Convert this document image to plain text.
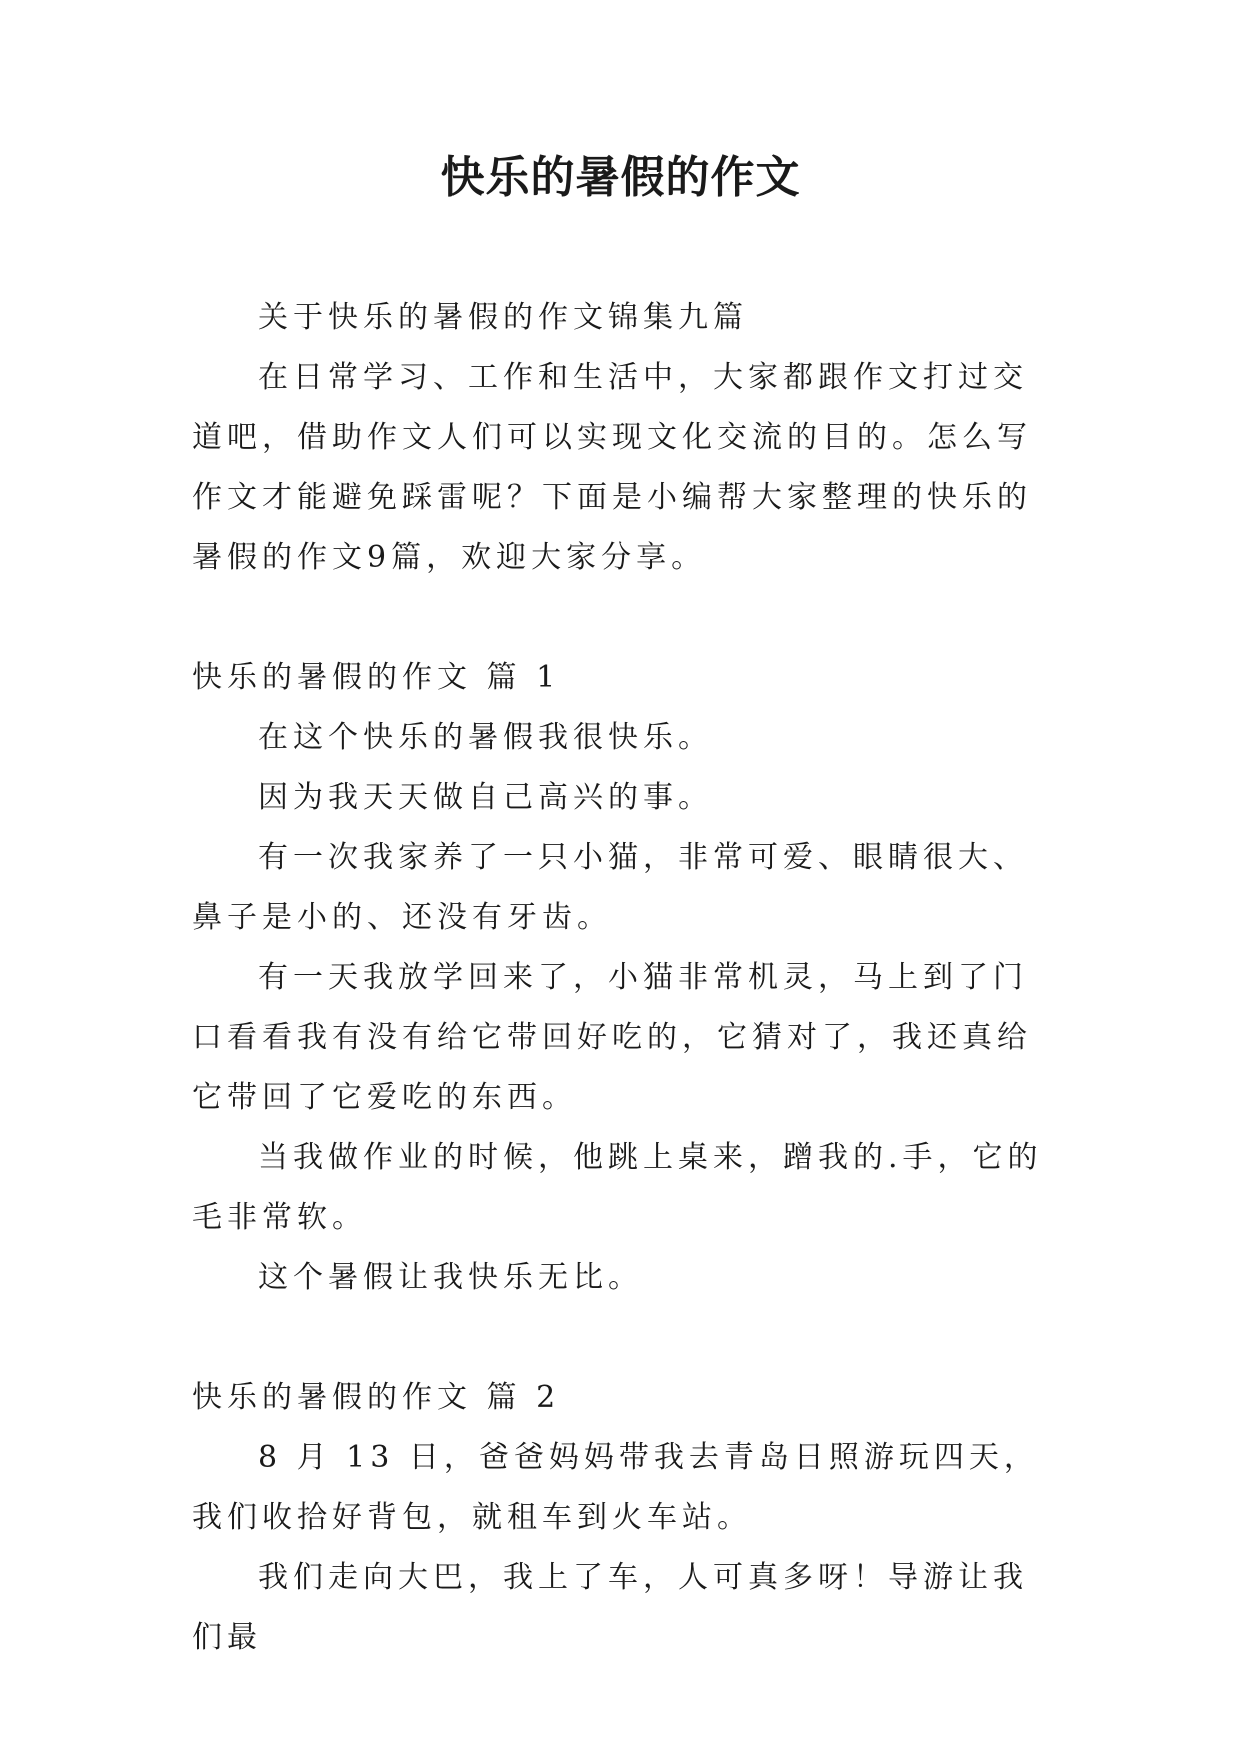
快乐的暑假的作文

关于快乐的暑假的作文锦集九篇

在日常学习、工作和生活中，大家都跟作文打过交道吧，借助作文人们可以实现文化交流的目的。怎么写作文才能避免踩雷呢？下面是小编帮大家整理的快乐的暑假的作文9篇，欢迎大家分享。

快乐的暑假的作文 篇 1

在这个快乐的暑假我很快乐。

因为我天天做自己高兴的事。

有一次我家养了一只小猫，非常可爱、眼睛很大、鼻子是小的、还没有牙齿。

有一天我放学回来了，小猫非常机灵，马上到了门口看看我有没有给它带回好吃的，它猜对了，我还真给它带回了它爱吃的东西。

当我做作业的时候，他跳上桌来，蹭我的.手，它的毛非常软。

这个暑假让我快乐无比。

快乐的暑假的作文 篇 2

8 月 13 日，爸爸妈妈带我去青岛日照游玩四天，我们收拾好背包，就租车到火车站。

我们走向大巴，我上了车，人可真多呀！导游让我们最
